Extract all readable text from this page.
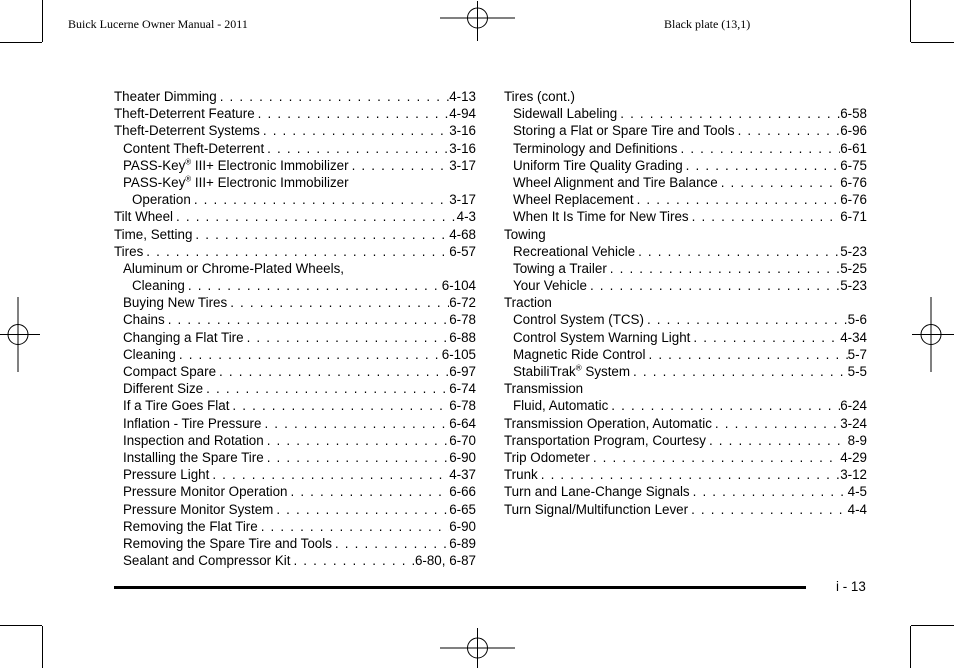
Buick Lucerne Owner Manual - 2011	Black plate (13,1)
Theater Dimming . . .	4-13
Theft-Deterrent Feature . . .	4-94
Theft-Deterrent Systems . . .	3-16
Content Theft-Deterrent . . .	3-16
PASS-Key® III+ Electronic Immobilizer . . .	3-17
PASS-Key® III+ Electronic Immobilizer
Operation . . .	3-17
Tilt Wheel . . .	4-3
Time, Setting . . .	4-68
Tires . . .	6-57
Aluminum or Chrome-Plated Wheels,
Cleaning . . .	6-104
Buying New Tires . . .	6-72
Chains . . .	6-78
Changing a Flat Tire . . .	6-88
Cleaning . . .	6-105
Compact Spare . . .	6-97
Different Size . . .	6-74
If a Tire Goes Flat . . .	6-78
Inflation - Tire Pressure . . .	6-64
Inspection and Rotation . . .	6-70
Installing the Spare Tire . . .	6-90
Pressure Light . . .	4-37
Pressure Monitor Operation . . .	6-66
Pressure Monitor System . . .	6-65
Removing the Flat Tire . . .	6-90
Removing the Spare Tire and Tools . . .	6-89
Sealant and Compressor Kit . . .	6-80, 6-87
Tires (cont.)
Sidewall Labeling . . .	6-58
Storing a Flat or Spare Tire and Tools . . .	6-96
Terminology and Definitions . . .	6-61
Uniform Tire Quality Grading . . .	6-75
Wheel Alignment and Tire Balance . . .	6-76
Wheel Replacement . . .	6-76
When It Is Time for New Tires . . .	6-71
Towing
Recreational Vehicle . . .	5-23
Towing a Trailer . . .	5-25
Your Vehicle . . .	5-23
Traction
Control System (TCS) . . .	5-6
Control System Warning Light . . .	4-34
Magnetic Ride Control . . .	5-7
StabiliTrak® System . . .	5-5
Transmission
Fluid, Automatic . . .	6-24
Transmission Operation, Automatic . . .	3-24
Transportation Program, Courtesy . . .	8-9
Trip Odometer . . .	4-29
Trunk . . .	3-12
Turn and Lane-Change Signals . . .	4-5
Turn Signal/Multifunction Lever . . .	4-4
i - 13
